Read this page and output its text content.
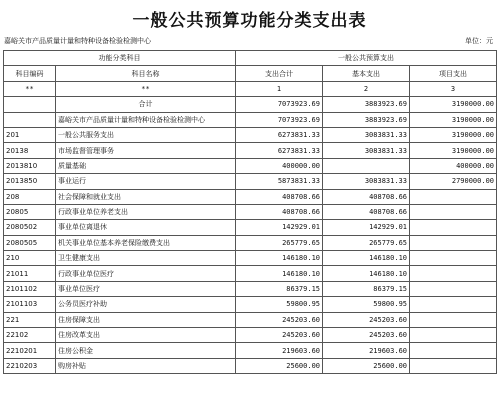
一般公共预算功能分类支出表
嘉峪关市产品质量计量和特种设备检验检测中心	单位：元
功能分类科目		一般公共预算支出		
科目编码	科目名称	支出合计	基本支出	项目支出
**	**	1	2	3
	合计	7073923.69	3883923.69	3190000.00
	嘉峪关市产品质量计量和特种设备检验检测中心	7073923.69	3883923.69	3190000.00
201	一般公共服务支出	6273831.33	3083831.33	3190000.00
20138	市场监督管理事务	6273831.33	3083831.33	3190000.00
2013810	质量基础	400000.00		400000.00
2013850	事业运行	5873831.33	3083831.33	2790000.00
208	社会保障和就业支出	408708.66	408708.66	
20805	行政事业单位养老支出	408708.66	408708.66	
2080502	事业单位离退休	142929.01	142929.01	
2080505	机关事业单位基本养老保险缴费支出	265779.65	265779.65	
210	卫生健康支出	146180.10	146180.10	
21011	行政事业单位医疗	146180.10	146180.10	
2101102	事业单位医疗	86379.15	86379.15	
2101103	公务员医疗补助	59800.95	59800.95	
221	住房保障支出	245203.60	245203.60	
22102	住房改革支出	245203.60	245203.60	
2210201	住房公积金	219603.60	219603.60	
2210203	购房补贴	25600.00	25600.00	
